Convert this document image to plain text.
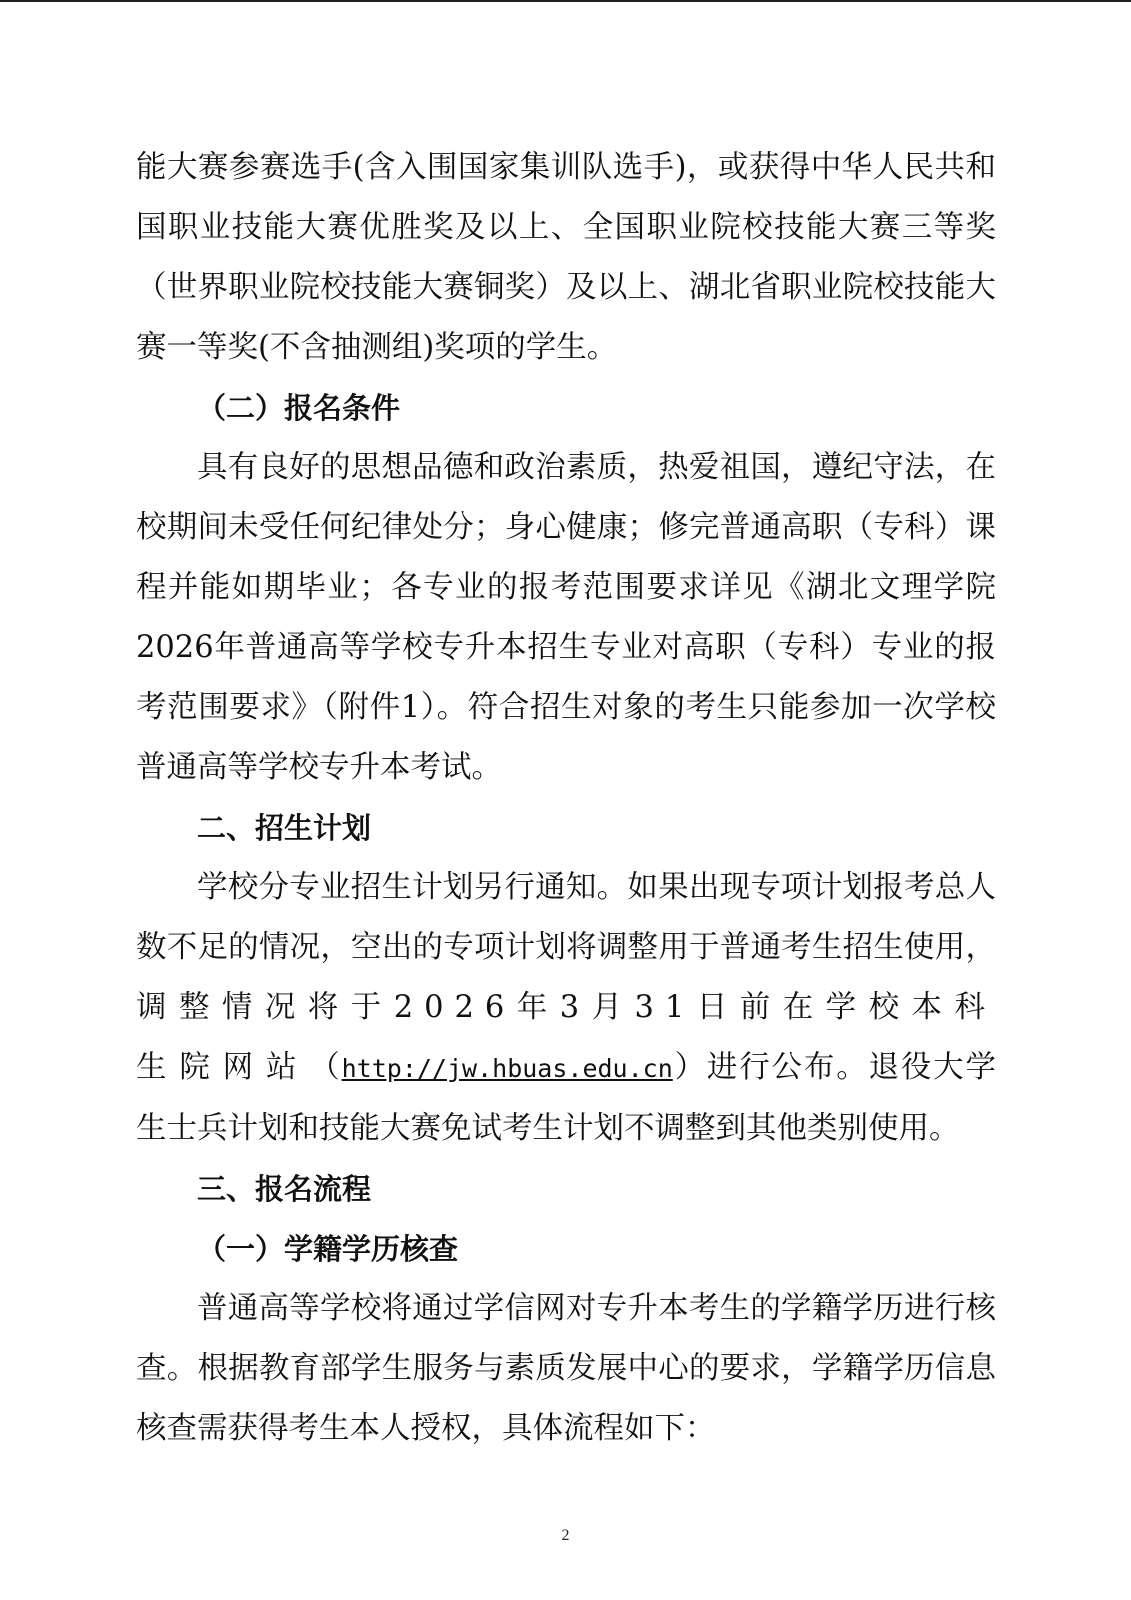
能大赛参赛选手(含入围国家集训队选手)，或获得中华人民共和国职业技能大赛优胜奖及以上、全国职业院校技能大赛三等奖（世界职业院校技能大赛铜奖）及以上、湖北省职业院校技能大赛一等奖(不含抽测组)奖项的学生。

（二）报名条件

具有良好的思想品德和政治素质，热爱祖国，遵纪守法，在校期间未受任何纪律处分；身心健康；修完普通高职（专科）课程并能如期毕业；各专业的报考范围要求详见《湖北文理学院2026年普通高等学校专升本招生专业对高职（专科）专业的报考范围要求》（附件1）。符合招生对象的考生只能参加一次学校普通高等学校专升本考试。

二、招生计划

学校分专业招生计划另行通知。如果出现专项计划报考总人数不足的情况，空出的专项计划将调整用于普通考生招生使用，调整情况将于2026年3月31日前在学校本科生院网站（http://jw.hbuas.edu.cn）进行公布。退役大学生士兵计划和技能大赛免试考生计划不调整到其他类别使用。

三、报名流程

（一）学籍学历核查

普通高等学校将通过学信网对专升本考生的学籍学历进行核查。根据教育部学生服务与素质发展中心的要求，学籍学历信息核查需获得考生本人授权，具体流程如下：

2
